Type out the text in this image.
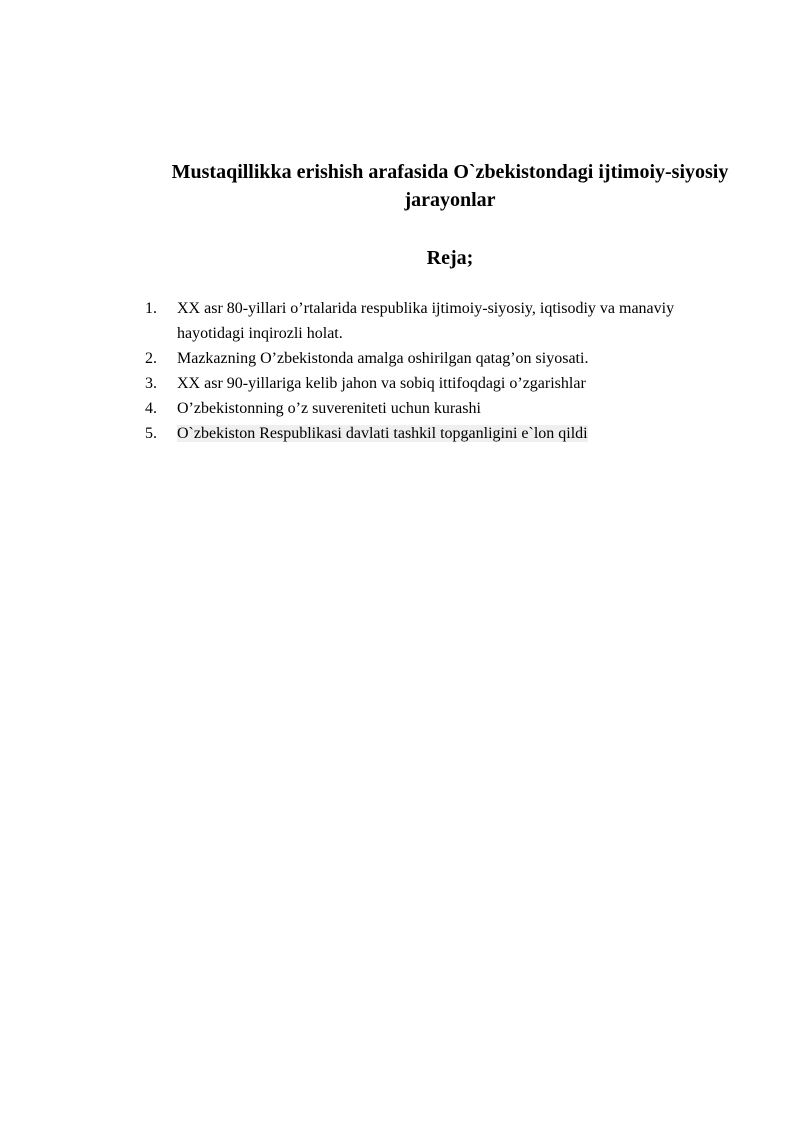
Mustaqillikka erishish arafasida O`zbekistondagi ijtimoiy-siyosiy
jarayonlar
Reja;
1.	XX asr 80-yillari o’rtalarida respublika ijtimoiy-siyosiy, iqtisodiy va manaviy hayotidagi inqirozli holat.
2.	Mazkazning O’zbekistonda amalga oshirilgan qatag’on siyosati.
3.	XX asr 90-yillariga kelib jahon va sobiq ittifoqdagi o’zgarishlar
4.	O’zbekistonning o’z suvereniteti uchun kurashi
5.	O`zbekiston Respublikasi davlati tashkil topganligini e`lon qildi
